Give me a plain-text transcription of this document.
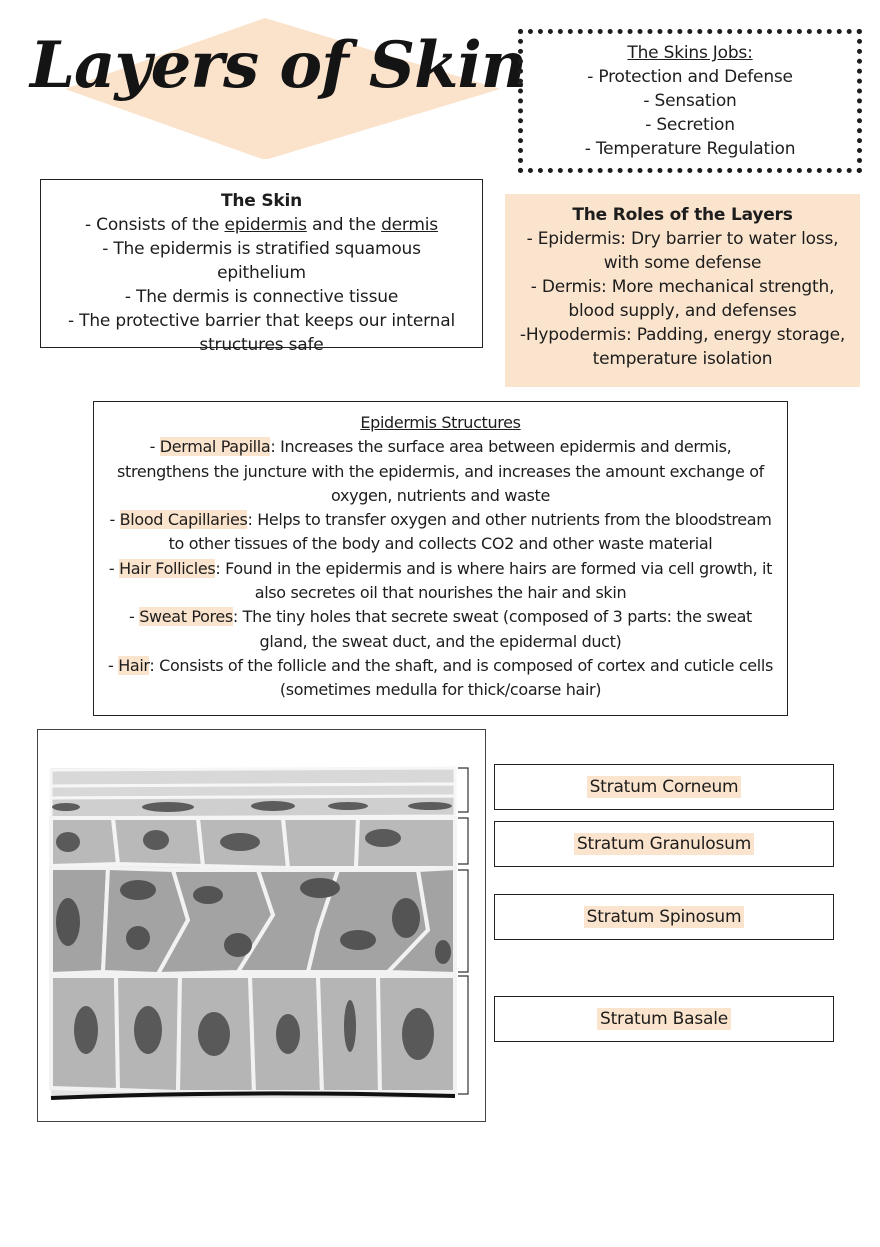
Layers of Skin	The Skins Jobs:
- Protection and Defense
- Sensation
- Secretion
- Temperature Regulation
The Skin
- Consists of the epidermis and the dermis
- The epidermis is stratified squamous epithelium
- The dermis is connective tissue
- The protective barrier that keeps our internal structures safe
The Roles of the Layers
- Epidermis: Dry barrier to water loss, with some defense
- Dermis: More mechanical strength, blood supply, and defenses
-Hypodermis: Padding, energy storage, temperature isolation
Epidermis Structures
- Dermal Papilla: Increases the surface area between epidermis and dermis, strengthens the juncture with the epidermis, and increases the amount exchange of oxygen, nutrients and waste
- Blood Capillaries: Helps to transfer oxygen and other nutrients from the bloodstream to other tissues of the body and collects CO2 and other waste material
- Hair Follicles: Found in the epidermis and is where hairs are formed via cell growth, it also secretes oil that nourishes the hair and skin
- Sweat Pores: The tiny holes that secrete sweat (composed of 3 parts: the sweat gland, the sweat duct, and the epidermal duct)
- Hair: Consists of the follicle and the shaft, and is composed of cortex and cuticle cells (sometimes medulla for thick/coarse hair)
Stratum Corneum
Stratum Granulosum
Stratum Spinosum
Stratum Basale
